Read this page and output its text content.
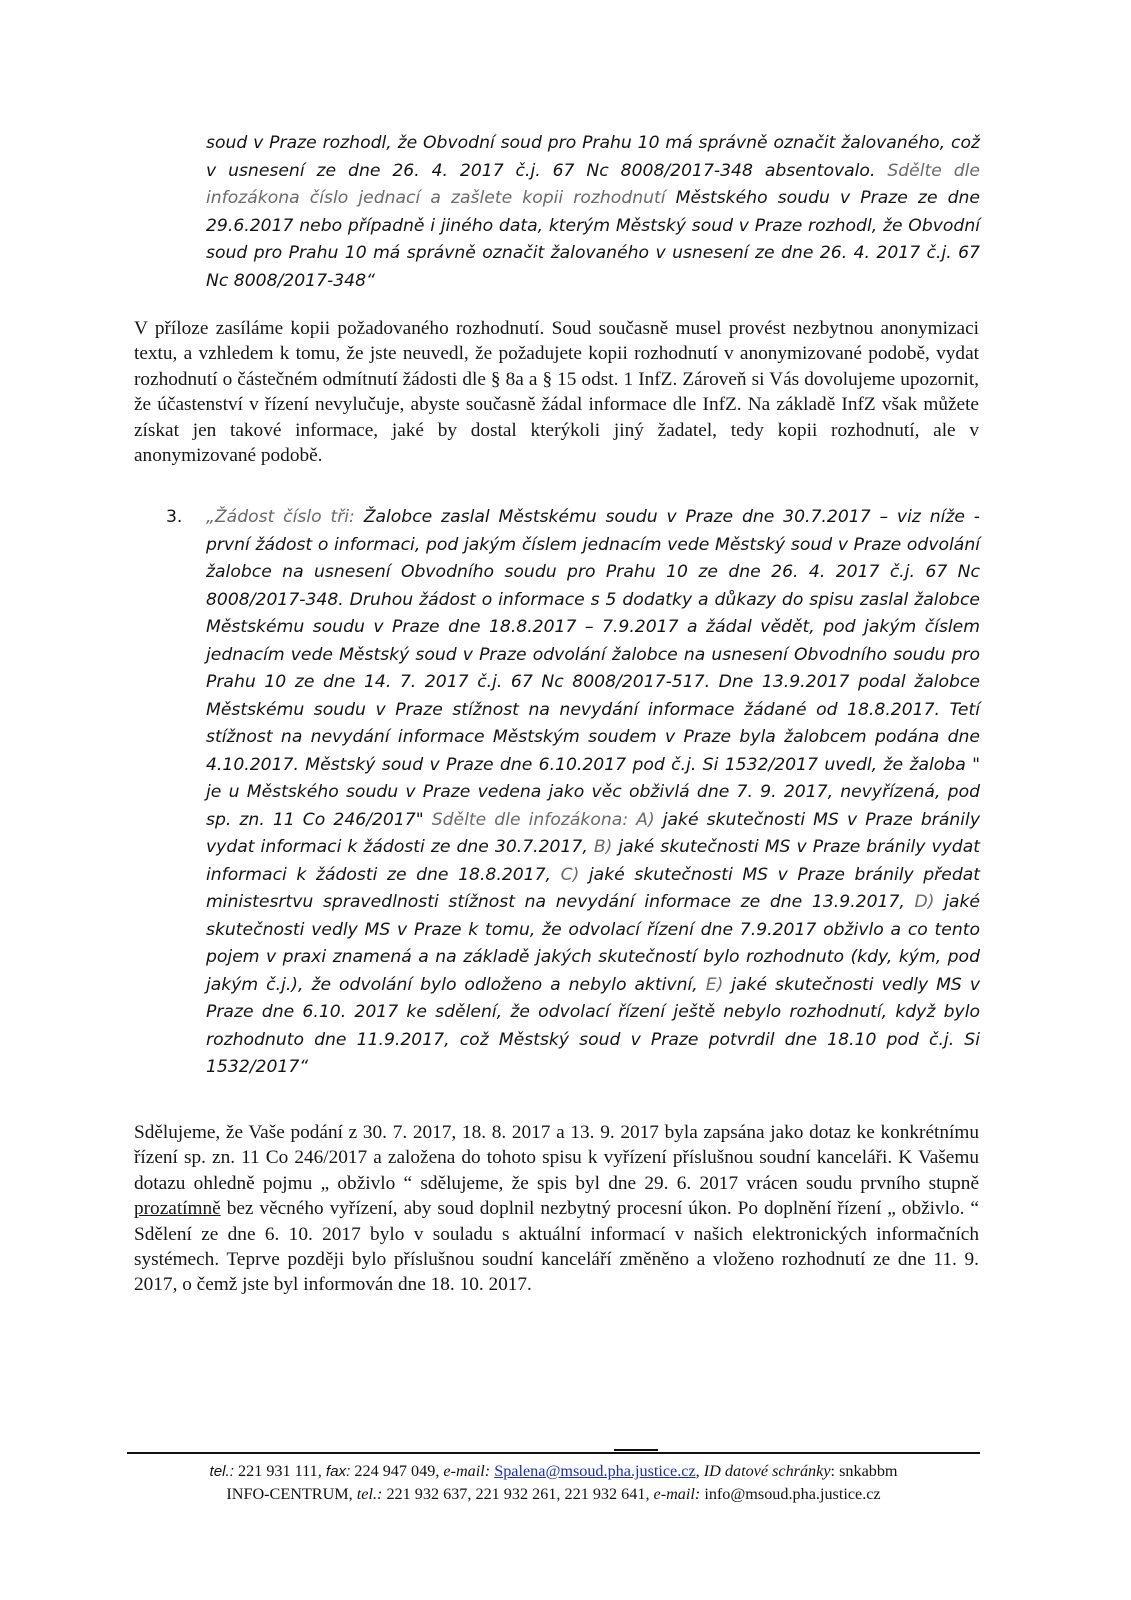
soud v Praze rozhodl, že Obvodní soud pro Prahu 10 má správně označit žalovaného, což v usnesení ze dne 26. 4. 2017 č.j. 67 Nc 8008/2017-348 absentovalo. Sdělte dle infozákona číslo jednací a zašlete kopii rozhodnutí Městského soudu v Praze ze dne 29.6.2017 nebo případně i jiného data, kterým Městský soud v Praze rozhodl, že Obvodní soud pro Prahu 10 má správně označit žalovaného v usnesení ze dne 26. 4. 2017 č.j. 67 Nc 8008/2017-348“
V příloze zasíláme kopii požadovaného rozhodnutí. Soud současně musel provést nezbytnou anonymizaci textu, a vzhledem k tomu, že jste neuvedl, že požadujete kopii rozhodnutí v anonymizované podobě, vydat rozhodnutí o částečném odmítnutí žádosti dle § 8a a § 15 odst. 1 InfZ. Zároveň si Vás dovolujeme upozornit, že účastenství v řízení nevylučuje, abyste současně žádal informace dle InfZ. Na základě InfZ však můžete získat jen takové informace, jaké by dostal kterýkoli jiný žadatel, tedy kopii rozhodnutí, ale v anonymizované podobě.
3. „Žádost číslo tři: Žalobce zaslal Městskému soudu v Praze dne 30.7.2017 – viz níže - první žádost o informaci, pod jakým číslem jednacím vede Městský soud v Praze odvolání žalobce na usnesení Obvodního soudu pro Prahu 10 ze dne 26. 4. 2017 č.j. 67 Nc 8008/2017-348. Druhou žádost o informace s 5 dodatky a důkazy do spisu zaslal žalobce Městskému soudu v Praze dne 18.8.2017 – 7.9.2017 a žádal vědět, pod jakým číslem jednacím vede Městský soud v Praze odvolání žalobce na usnesení Obvodního soudu pro Prahu 10 ze dne 14. 7. 2017 č.j. 67 Nc 8008/2017-517. Dne 13.9.2017 podal žalobce Městskému soudu v Praze stížnost na nevydání informace žádané od 18.8.2017. Tetí stížnost na nevydání informace Městským soudem v Praze byla žalobcem podána dne 4.10.2017. Městský soud v Praze dne 6.10.2017 pod č.j. Si 1532/2017 uvedl, že žaloba " je u Městského soudu v Praze vedena jako věc obživlá dne 7. 9. 2017, nevyřízená, pod sp. zn. 11 Co 246/2017" Sdělte dle infozákona: A) jaké skutečnosti MS v Praze bránily vydat informaci k žádosti ze dne 30.7.2017, B) jaké skutečnosti MS v Praze bránily vydat informaci k žádosti ze dne 18.8.2017, C) jaké skutečnosti MS v Praze bránily předat ministesrtvu spravedlnosti stížnost na nevydání informace ze dne 13.9.2017, D) jaké skutečnosti vedly MS v Praze k tomu, že odvolací řízení dne 7.9.2017 obživlo a co tento pojem v praxi znamená a na základě jakých skutečností bylo rozhodnuto (kdy, kým, pod jakým č.j.), že odvolání bylo odloženo a nebylo aktivní, E) jaké skutečnosti vedly MS v Praze dne 6.10. 2017 ke sdělení, že odvolací řízení ještě nebylo rozhodnutí, když bylo rozhodnuto dne 11.9.2017, což Městský soud v Praze potvrdil dne 18.10 pod č.j. Si 1532/2017“
Sdělujeme, že Vaše podání z 30. 7. 2017, 18. 8. 2017 a 13. 9. 2017 byla zapsána jako dotaz ke konkrétnímu řízení sp. zn. 11 Co 246/2017 a založena do tohoto spisu k vyřízení příslušnou soudní kanceláři. K Vašemu dotazu ohledně pojmu „ obživlo “ sdělujeme, že spis byl dne 29. 6. 2017 vrácen soudu prvního stupně prozatímně bez věcného vyřízení, aby soud doplnil nezbytný procesní úkon. Po doplnění řízení „ obživlo. “ Sdělení ze dne 6. 10. 2017 bylo v souladu s aktuální informací v našich elektronických informačních systémech. Teprve později bylo příslušnou soudní kanceláří změněno a vloženo rozhodnutí ze dne 11. 9. 2017, o čemž jste byl informován dne 18. 10. 2017.
tel.: 221 931 111, fax: 224 947 049, e-mail: Spalena@msoud.pha.justice.cz, ID datové schránky: snkabbm
INFO-CENTRUM, tel.: 221 932 637, 221 932 261, 221 932 641, e-mail: info@msoud.pha.justice.cz
